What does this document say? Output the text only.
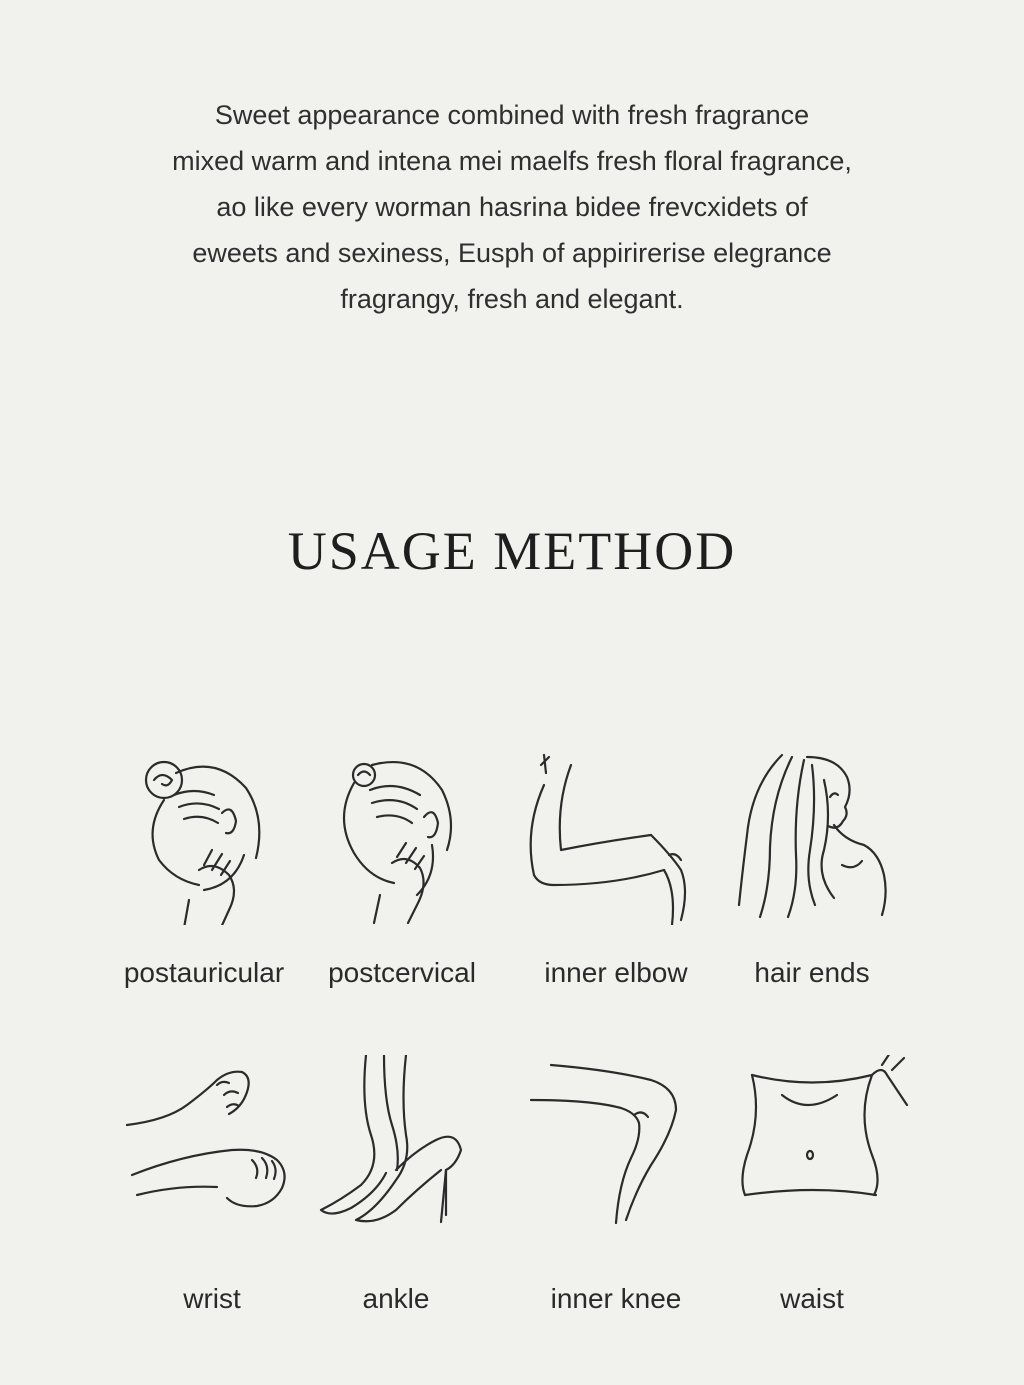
Sweet appearance combined with fresh fragrance
mixed warm and intena mei maelfs fresh floral fragrance,
ao like every worman hasrina bidee frevcxidets of
eweets and sexiness, Eusph of appirirerise elegrance
fragrangy, fresh and elegant.
USAGE METHOD
postauricular	postcervical	inner elbow	hair ends
wrist	ankle	inner knee	waist
